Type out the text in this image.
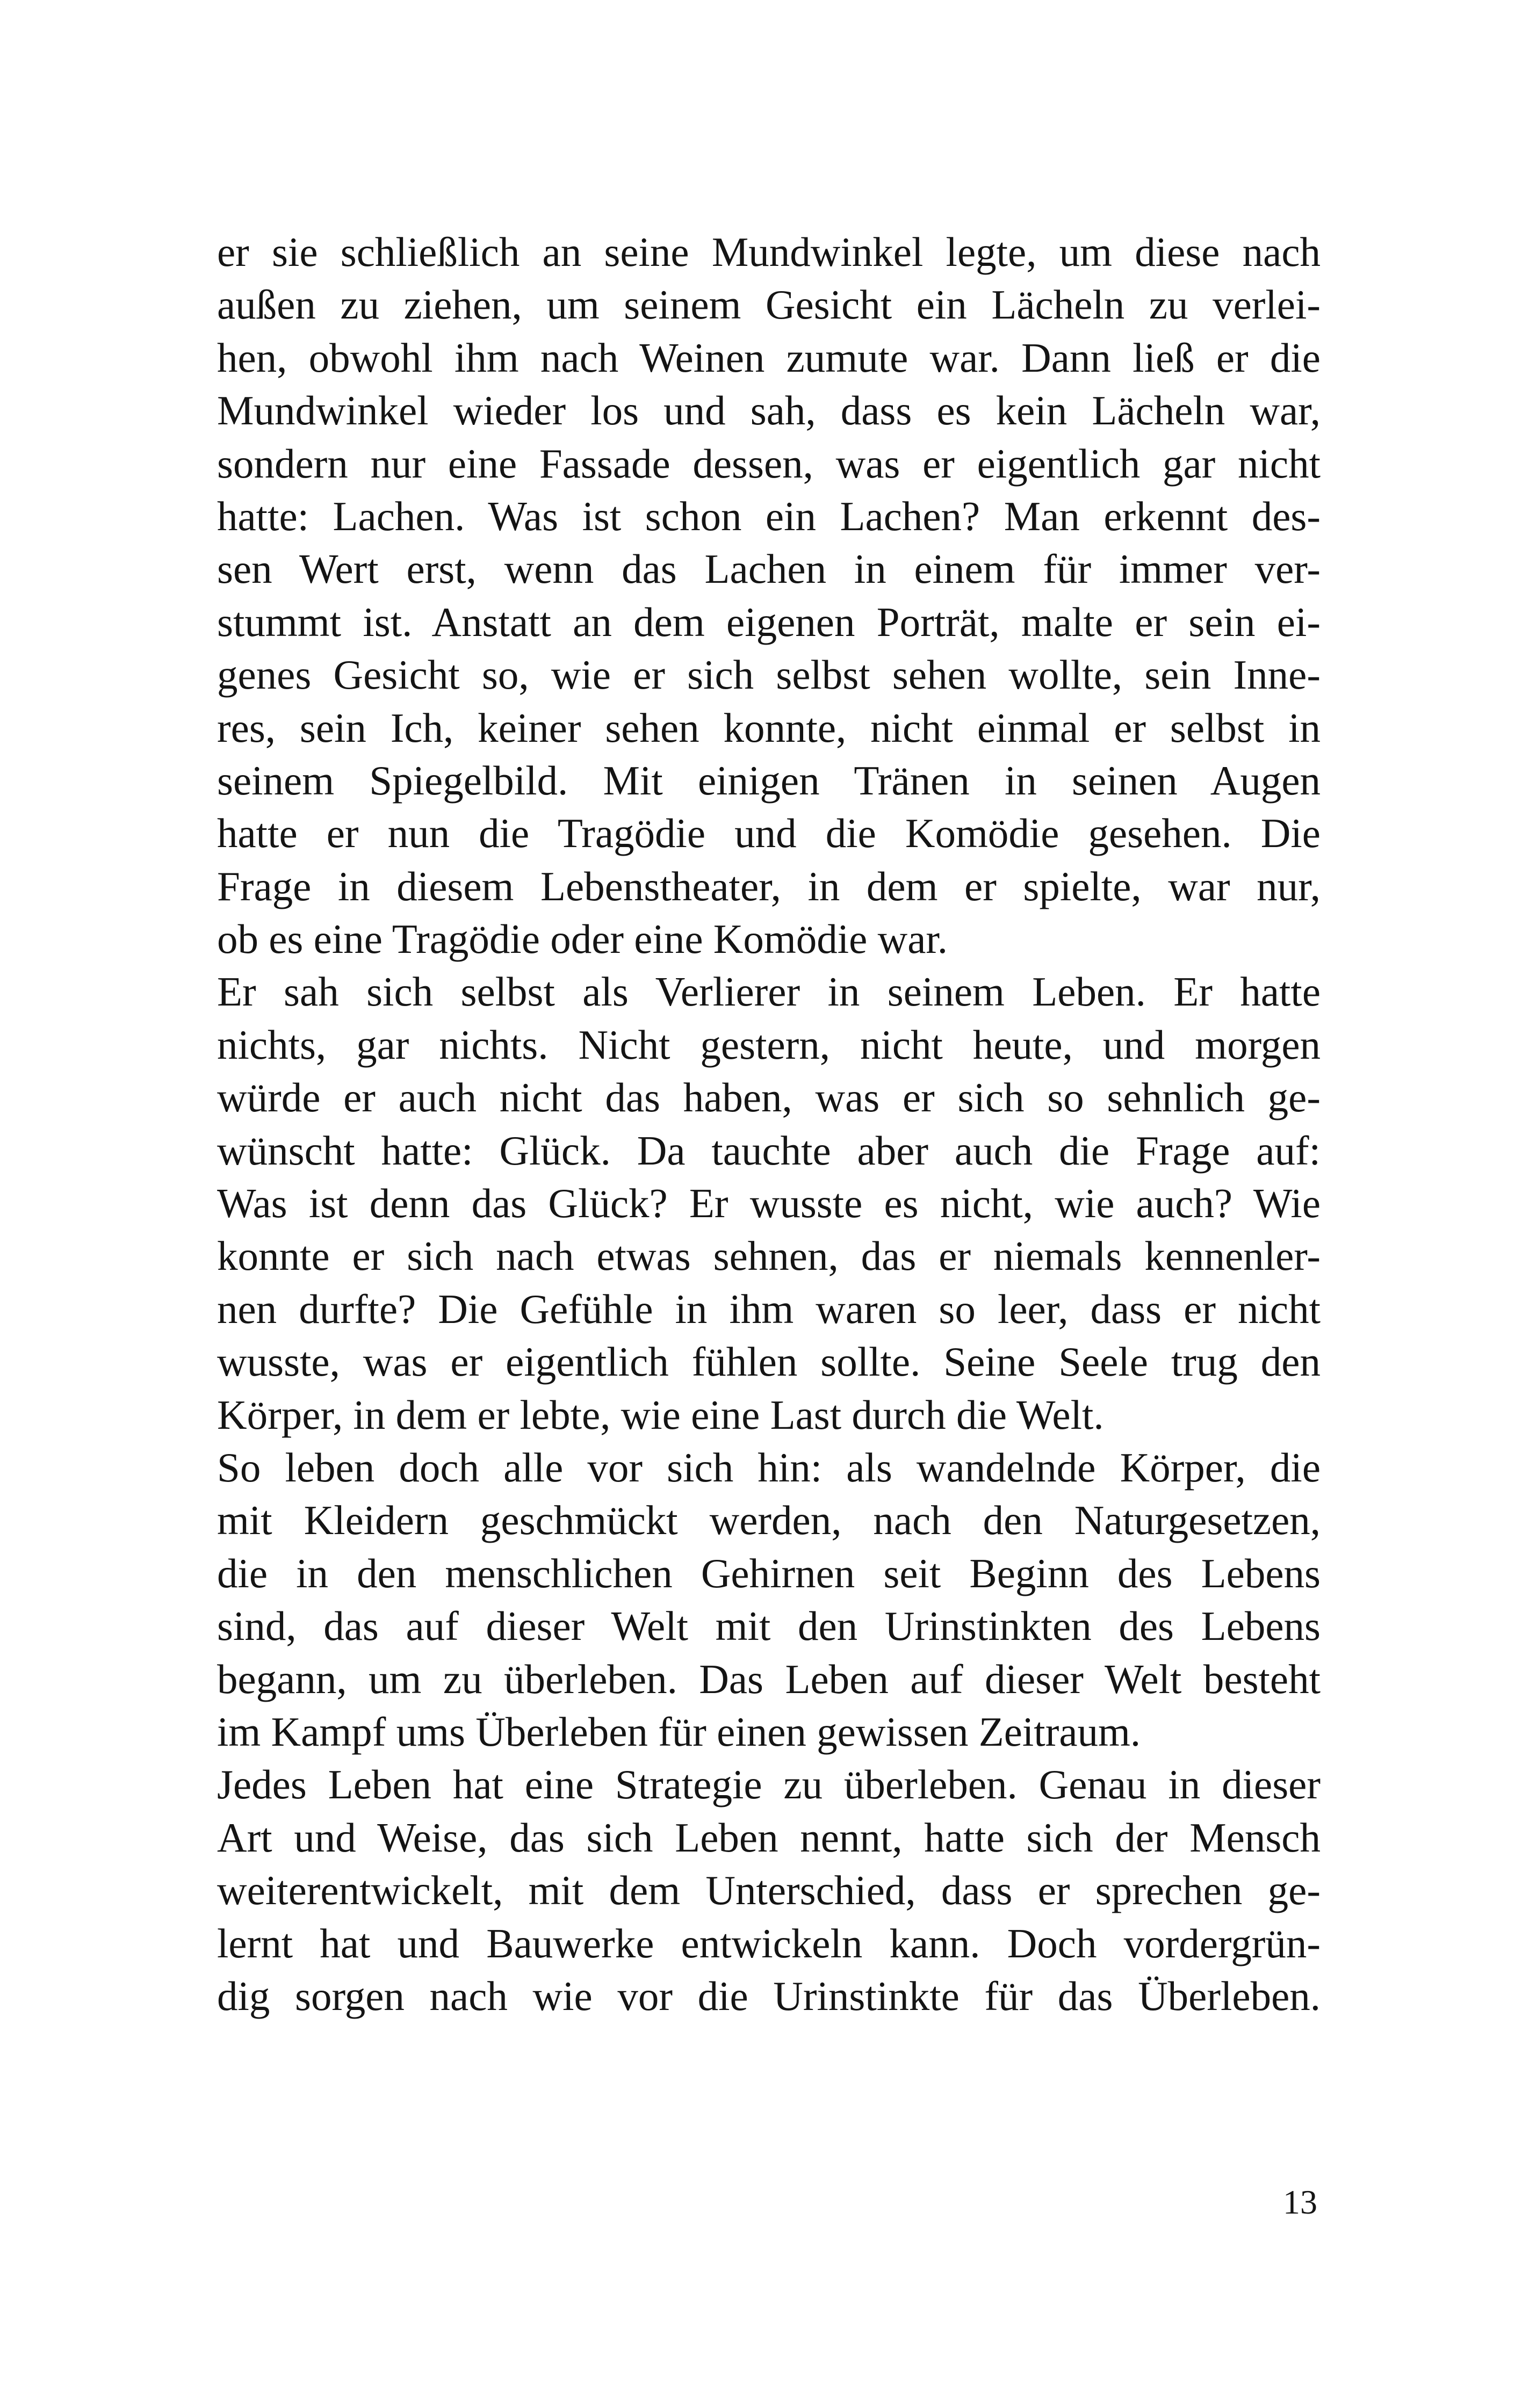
er sie schließlich an seine Mundwinkel legte, um diese nach
außen zu ziehen, um seinem Gesicht ein Lächeln zu verlei-
hen, obwohl ihm nach Weinen zumute war. Dann ließ er die
Mundwinkel wieder los und sah, dass es kein Lächeln war,
sondern nur eine Fassade dessen, was er eigentlich gar nicht
hatte: Lachen. Was ist schon ein Lachen? Man erkennt des-
sen Wert erst, wenn das Lachen in einem für immer ver-
stummt ist. Anstatt an dem eigenen Porträt, malte er sein ei-
genes Gesicht so, wie er sich selbst sehen wollte, sein Inne-
res, sein Ich, keiner sehen konnte, nicht einmal er selbst in
seinem Spiegelbild. Mit einigen Tränen in seinen Augen
hatte er nun die Tragödie und die Komödie gesehen. Die
Frage in diesem Lebenstheater, in dem er spielte, war nur,
ob es eine Tragödie oder eine Komödie war.
Er sah sich selbst als Verlierer in seinem Leben. Er hatte
nichts, gar nichts. Nicht gestern, nicht heute, und morgen
würde er auch nicht das haben, was er sich so sehnlich ge-
wünscht hatte: Glück. Da tauchte aber auch die Frage auf:
Was ist denn das Glück? Er wusste es nicht, wie auch? Wie
konnte er sich nach etwas sehnen, das er niemals kennenler-
nen durfte? Die Gefühle in ihm waren so leer, dass er nicht
wusste, was er eigentlich fühlen sollte. Seine Seele trug den
Körper, in dem er lebte, wie eine Last durch die Welt.
So leben doch alle vor sich hin: als wandelnde Körper, die
mit Kleidern geschmückt werden, nach den Naturgesetzen,
die in den menschlichen Gehirnen seit Beginn des Lebens
sind, das auf dieser Welt mit den Urinstinkten des Lebens
begann, um zu überleben. Das Leben auf dieser Welt besteht
im Kampf ums Überleben für einen gewissen Zeitraum.
Jedes Leben hat eine Strategie zu überleben. Genau in dieser
Art und Weise, das sich Leben nennt, hatte sich der Mensch
weiterentwickelt, mit dem Unterschied, dass er sprechen ge-
lernt hat und Bauwerke entwickeln kann. Doch vordergrün-
dig sorgen nach wie vor die Urinstinkte für das Überleben.
13
